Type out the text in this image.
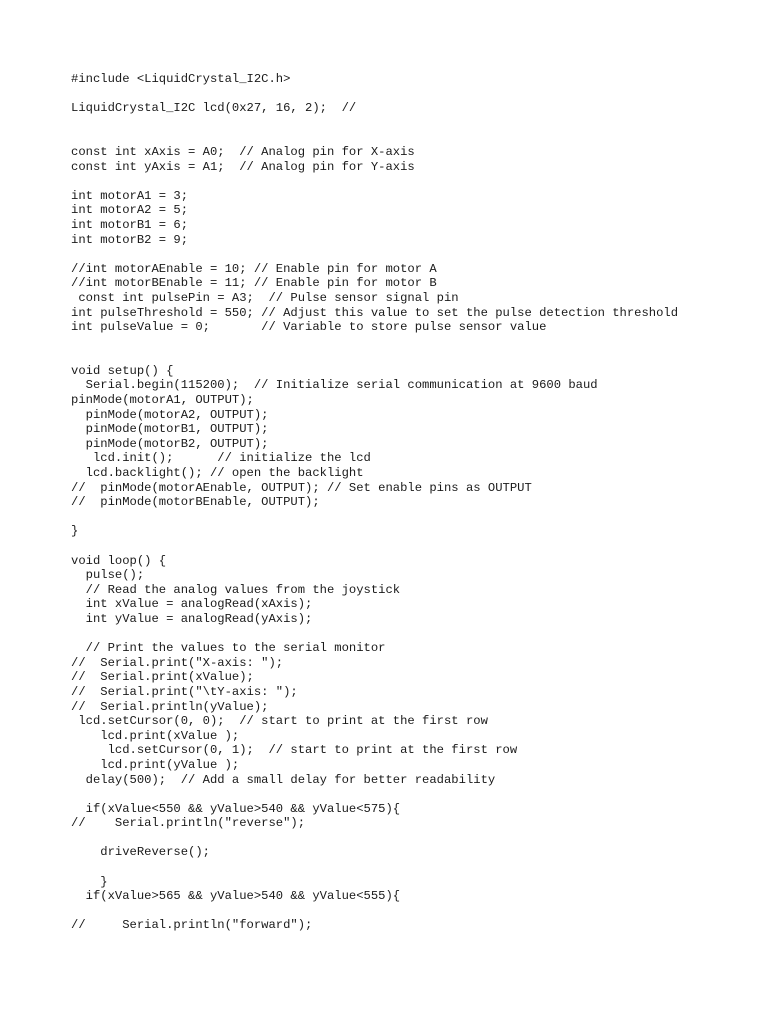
#include <LiquidCrystal_I2C.h>
LiquidCrystal_I2C lcd(0x27, 16, 2);  //
const int xAxis = A0;  // Analog pin for X-axis
const int yAxis = A1;  // Analog pin for Y-axis
int motorA1 = 3;
int motorA2 = 5;
int motorB1 = 6;
int motorB2 = 9;
//int motorAEnable = 10; // Enable pin for motor A
//int motorBEnable = 11; // Enable pin for motor B
const int pulsePin = A3;  // Pulse sensor signal pin
int pulseThreshold = 550; // Adjust this value to set the pulse detection threshold
int pulseValue = 0;       // Variable to store pulse sensor value
void setup() {
Serial.begin(115200);  // Initialize serial communication at 9600 baud
pinMode(motorA1, OUTPUT);
pinMode(motorA2, OUTPUT);
pinMode(motorB1, OUTPUT);
pinMode(motorB2, OUTPUT);
lcd.init();      // initialize the lcd
lcd.backlight(); // open the backlight
//  pinMode(motorAEnable, OUTPUT); // Set enable pins as OUTPUT
//  pinMode(motorBEnable, OUTPUT);
}
void loop() {
pulse();
// Read the analog values from the joystick
int xValue = analogRead(xAxis);
int yValue = analogRead(yAxis);
// Print the values to the serial monitor
//  Serial.print("X-axis: ");
//  Serial.print(xValue);
//  Serial.print("\tY-axis: ");
//  Serial.println(yValue);
lcd.setCursor(0, 0);  // start to print at the first row
lcd.print(xValue );
lcd.setCursor(0, 1);  // start to print at the first row
lcd.print(yValue );
delay(500);  // Add a small delay for better readability
if(xValue<550 && yValue>540 && yValue<575){
//    Serial.println("reverse");
driveReverse();
}
if(xValue>565 && yValue>540 && yValue<555){
//     Serial.println("forward");
